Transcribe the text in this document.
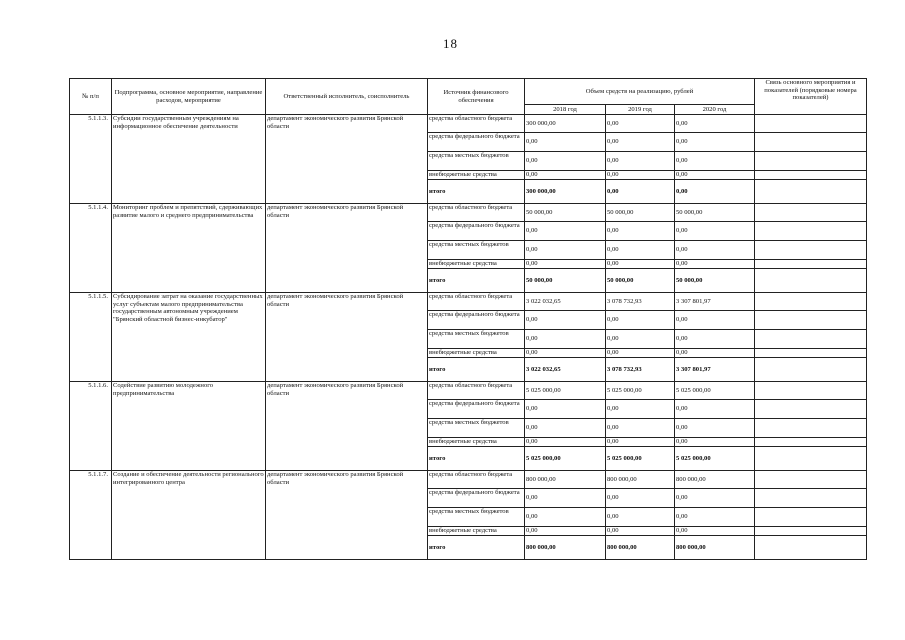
18
№ п/п	Подпрограмма, основное мероприятие, направление расходов, мероприятие	Ответственный исполнитель, соисполнитель	Источник финансового обеспечения	Объем средств на реализацию, рублей			Связь основного мероприятия и показателей (порядковые номера показателей)
				2018 год	2019 год	2020 год	
5.1.1.3.	Субсидии государственным учреждениям на информационное обеспечение деятельности	департамент экономического развития Брянской области	средства областного бюджета	300 000,00	0,00	0,00	
			средства федерального бюджета	0,00	0,00	0,00	
			средства местных бюджетов	0,00	0,00	0,00	
			внебюджетные средства	0,00	0,00	0,00	
			итого	300 000,00	0,00	0,00	
5.1.1.4.	Мониторинг проблем и препятствий, сдерживающих развитие малого и среднего предпринимательства	департамент экономического развития Брянской области	средства областного бюджета	50 000,00	50 000,00	50 000,00	
			средства федерального бюджета	0,00	0,00	0,00	
			средства местных бюджетов	0,00	0,00	0,00	
			внебюджетные средства	0,00	0,00	0,00	
			итого	50 000,00	50 000,00	50 000,00	
5.1.1.5.	Субсидирование затрат на оказание государственных услуг субъектам малого предпринимательства государственным автономным учреждением "Брянский областной бизнес-инкубатор"	департамент экономического развития Брянской области	средства областного бюджета	3 022 032,65	3 078 732,93	3 307 801,97	
			средства федерального бюджета	0,00	0,00	0,00	
			средства местных бюджетов	0,00	0,00	0,00	
			внебюджетные средства	0,00	0,00	0,00	
			итого	3 022 032,65	3 078 732,93	3 307 801,97	
5.1.1.6.	Содействие развитию молодежного предпринимательства	департамент экономического развития Брянской области	средства областного бюджета	5 025 000,00	5 025 000,00	5 025 000,00	
			средства федерального бюджета	0,00	0,00	0,00	
			средства местных бюджетов	0,00	0,00	0,00	
			внебюджетные средства	0,00	0,00	0,00	
			итого	5 025 000,00	5 025 000,00	5 025 000,00	
5.1.1.7.	Создание и обеспечение деятельности регионального интегрированного центра	департамент экономического развития Брянской области	средства областного бюджета	800 000,00	800 000,00	800 000,00	
			средства федерального бюджета	0,00	0,00	0,00	
			средства местных бюджетов	0,00	0,00	0,00	
			внебюджетные средства	0,00	0,00	0,00	
			итого	800 000,00	800 000,00	800 000,00	
